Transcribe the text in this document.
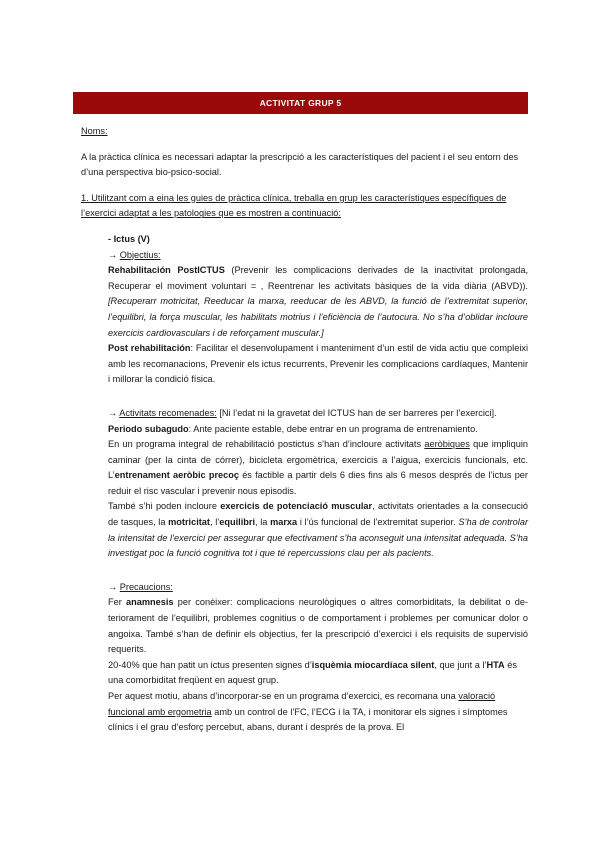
ACTIVITAT GRUP 5

Noms:

A la pràctica clínica es necessari adaptar la prescripció a les característiques del pacient i el seu entorn des d’una perspectiva bio-psico-social.

1. Utilitzant com a eina les guies de pràctica clínica, treballa en grup les característiques específiques de l’exercici adaptat a les patologies que es mostren a continuació:

- Ictus (V)

→ Objectius:

Rehabilitación PostICTUS (Prevenir les complicacions derivades de la inactivitat prolongada, Recuperar el moviment voluntari = , Reentrenar les activitats bàsiques de la vida diària (ABVD)). [Recuperarr motricitat, Reeducar la marxa, reeducar de les ABVD, la funció de l’extremitat superior, l’equilibri, la força muscular, les habilitats motrius i l’eficiència de l’autocura. No s’ha d’oblidar incloure exercicis cardiovasculars i de reforçament muscular.]

Post rehabilitación: Facilitar el desenvolupament i manteniment d’un estil de vida actiu que compleixi amb les recomanacions, Prevenir els ictus recurrents, Prevenir les complicacions cardíaques, Mantenir i millorar la condició física.

→ Activitats recomenades: [Ni l’edat ni la gravetat del ICTUS han de ser barreres per l’exercici].

Periodo subagudo: Ante paciente estable, debe entrar en un programa de entrenamiento.

En un programa integral de rehabilitació postictus s’han d’incloure activitats aeròbiques que impliquin caminar (per la cinta de córrer), bicicleta ergomètrica, exercicis a l’aigua, exercicis funcionals, etc. L’entrenament aeròbic precoç és factible a partir dels 6 dies fins als 6 mesos després de l’ictus per reduir el risc vascular i prevenir nous episodis.

També s’hi poden incloure exercicis de potenciació muscular, activitats orientades a la consecució de tasques, la motricitat, l’equilibri, la marxa i l’ús funcional de l’extremitat superior. S’ha de controlar la intensitat de l’exercici per assegurar que efectivament s’ha aconseguit una intensitat adequada. S’ha investigat poc la funció cognitiva tot i que té repercussions clau per als pacients.

→ Precaucions:

Fer anamnesis per conèixer: complicacions neurològiques o altres comorbiditats, la debilitat o de- teriorament de l’equilibri, problemes cognitius o de comportament i problemes per comunicar dolor o angoixa. També s’han de definir els objectius, fer la prescripció d’exercici i els requisits de supervisió requerits.

20-40% que han patit un ictus presenten signes d’isquèmia miocardíaca silent, que junt a l’HTA és una comorbiditat freqüent en aquest grup.

Per aquest motiu, abans d’incorporar-se en un programa d’exercici, es recomana una valoració funcional amb ergometria amb un control de l’FC, l’ECG i la TA, i monitorar els signes i símptomes clínics i el grau d’esforç percebut, abans, durant i després de la prova. El
